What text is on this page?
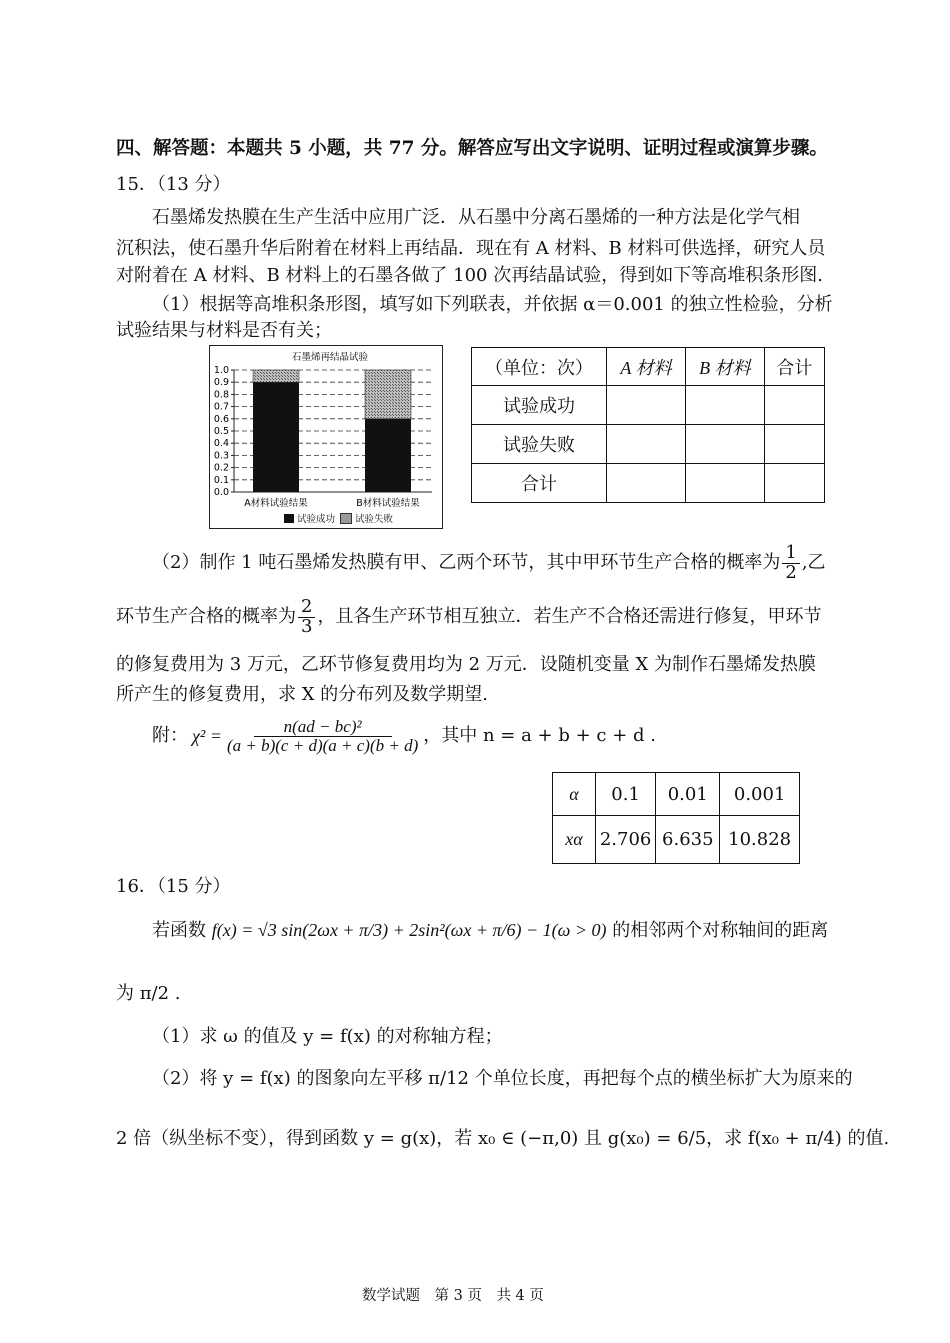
四、解答题：本题共 5 小题，共 77 分。解答应写出文字说明、证明过程或演算步骤。
15．（13 分）
石墨烯发热膜在生产生活中应用广泛．从石墨中分离石墨烯的一种方法是化学气相
沉积法，使石墨升华后附着在材料上再结晶．现在有 A 材料、B 材料可供选择，研究人员
对附着在 A 材料、B 材料上的石墨各做了 100 次再结晶试验，得到如下等高堆积条形图.
（1）根据等高堆积条形图，填写如下列联表，并依据 α＝0.001 的独立性检验，分析
试验结果与材料是否有关；
石墨烯再结晶试验
0.0
0.1
0.2
0.3
0.4
0.5
0.6
0.7
0.8
0.9
1.0
A材料试验结果	B材料试验结果
试验成功 试验失败
（单位：次）	A 材料	B 材料	合计
试验成功			
试验失败			
合计			
（2）制作 1 吨石墨烯发热膜有甲、乙两个环节，其中甲环节生产合格的概率为 $\frac{1}{2}$ ,乙
环节生产合格的概率为 $\frac{2}{3}$ ，且各生产环节相互独立．若生产不合格还需进行修复，甲环节
的修复费用为 3 万元，乙环节修复费用均为 2 万元．设随机变量 X 为制作石墨烯发热膜
所产生的修复费用，求 X 的分布列及数学期望.
附： $\chi^2 = \frac{\text{n(ad − bc)²}}{(a + b)(c + d)(a + c)(b + d)}$ ，其中 n = a + b + c + d .
α	0.1	0.01	0.001
xα	2.706	6.635	10.828
16．（15 分）
若函数 f(x) = √3 sin(2ωx + π/3) + 2sin²(ωx + π/6) − 1(ω > 0) 的相邻两个对称轴间的距离
为 π/2 .
（1）求 ω 的值及 y = f(x) 的对称轴方程；
（2）将 y = f(x) 的图象向左平移 π/12 个单位长度，再把每个点的横坐标扩大为原来的
2 倍（纵坐标不变），得到函数 y = g(x)，若 x₀ ∈ (−π,0) 且 g(x₀) = 6/5，求 f(x₀ + π/4) 的值.
数学试题　第 3 页　共 4 页
